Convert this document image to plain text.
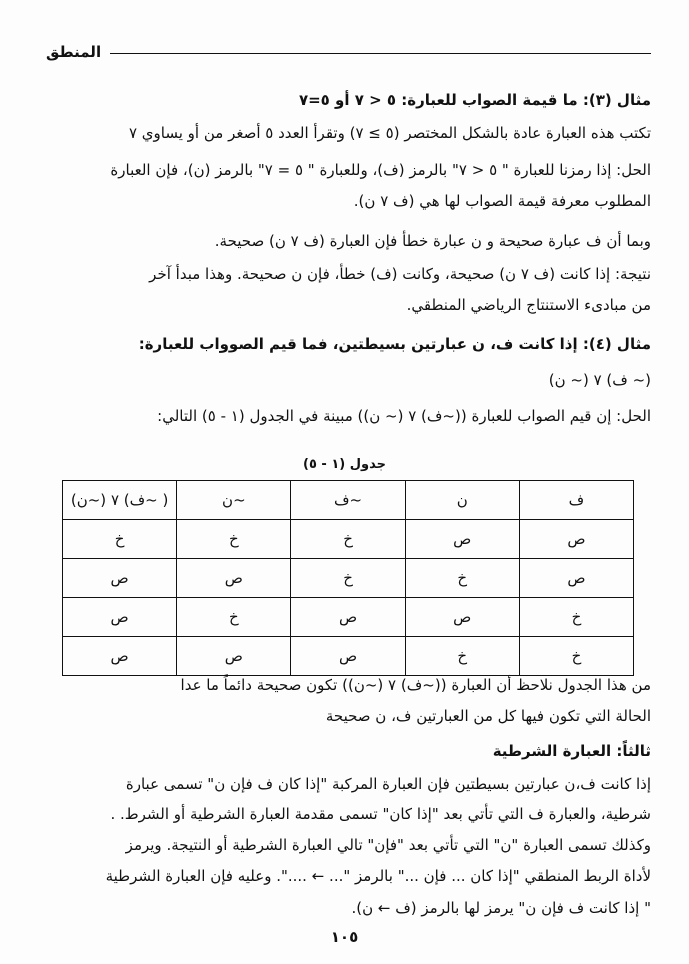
المنطق
مثال (٣): ما قيمة الصواب للعبارة: ٥ < ٧ أو ٥=٧
تكتب هذه العبارة عادة بالشكل المختصر (٥ ≥ ٧) وتقرأ العدد ٥ أصغر من أو يساوي ٧
الحل: إذا رمزنا للعبارة " ٥ < ٧" بالرمز (ف)، وللعبارة " ٥ = ٧" بالرمز (ن)، فإن العبارة
المطلوب معرفة قيمة الصواب لها هي (ف ٧ ن).
وبما أن ف عبارة صحيحة و ن عبارة خطأ فإن العبارة (ف ٧ ن) صحيحة.
نتيجة: إذا كانت (ف ٧ ن) صحيحة، وكانت (ف) خطأ، فإن ن صحيحة. وهذا مبدأ آخر
من مبادىء الاستنتاج الرياضي المنطقي.
مثال (٤): إذا كانت ف، ن عبارتين بسيطتين، فما قيم الصوواب للعبارة:
(~ ف) ٧ (~ ن)
الحل: إن قيم الصواب للعبارة ((~ف) ٧ (~ ن)) مبينة في الجدول (١ - ٥) التالي:
جدول (١ - ٥)
ف	ن	~ف	~ن	( ~ف) ٧ (~ن)
ص	ص	خ	خ	خ
ص	خ	خ	ص	ص
خ	ص	ص	خ	ص
خ	خ	ص	ص	ص
من هذا الجدول نلاحظ أن العبارة ((~ف) ٧ (~ن)) تكون صحيحة دائماً ما عدا
الحالة التي تكون فيها كل من العبارتين ف، ن صحيحة
ثالثاً: العبارة الشرطية
إذا كانت ف،ن عبارتين بسيطتين فإن العبارة المركبة "إذا كان ف فإن ن" تسمى عبارة
شرطية، والعبارة ف التي تأتي بعد "إذا كان" تسمى مقدمة العبارة الشرطية أو الشرط. .
وكذلك تسمى العبارة "ن" التي تأتي بعد "فإن" تالي العبارة الشرطية أو النتيجة. ويرمز
لأداة الربط المنطقي "إذا كان ... فإن ..." بالرمز "... ← ....". وعليه فإن العبارة الشرطية
" إذا كانت ف فإن ن" يرمز لها بالرمز (ف ← ن).
١٠٥
